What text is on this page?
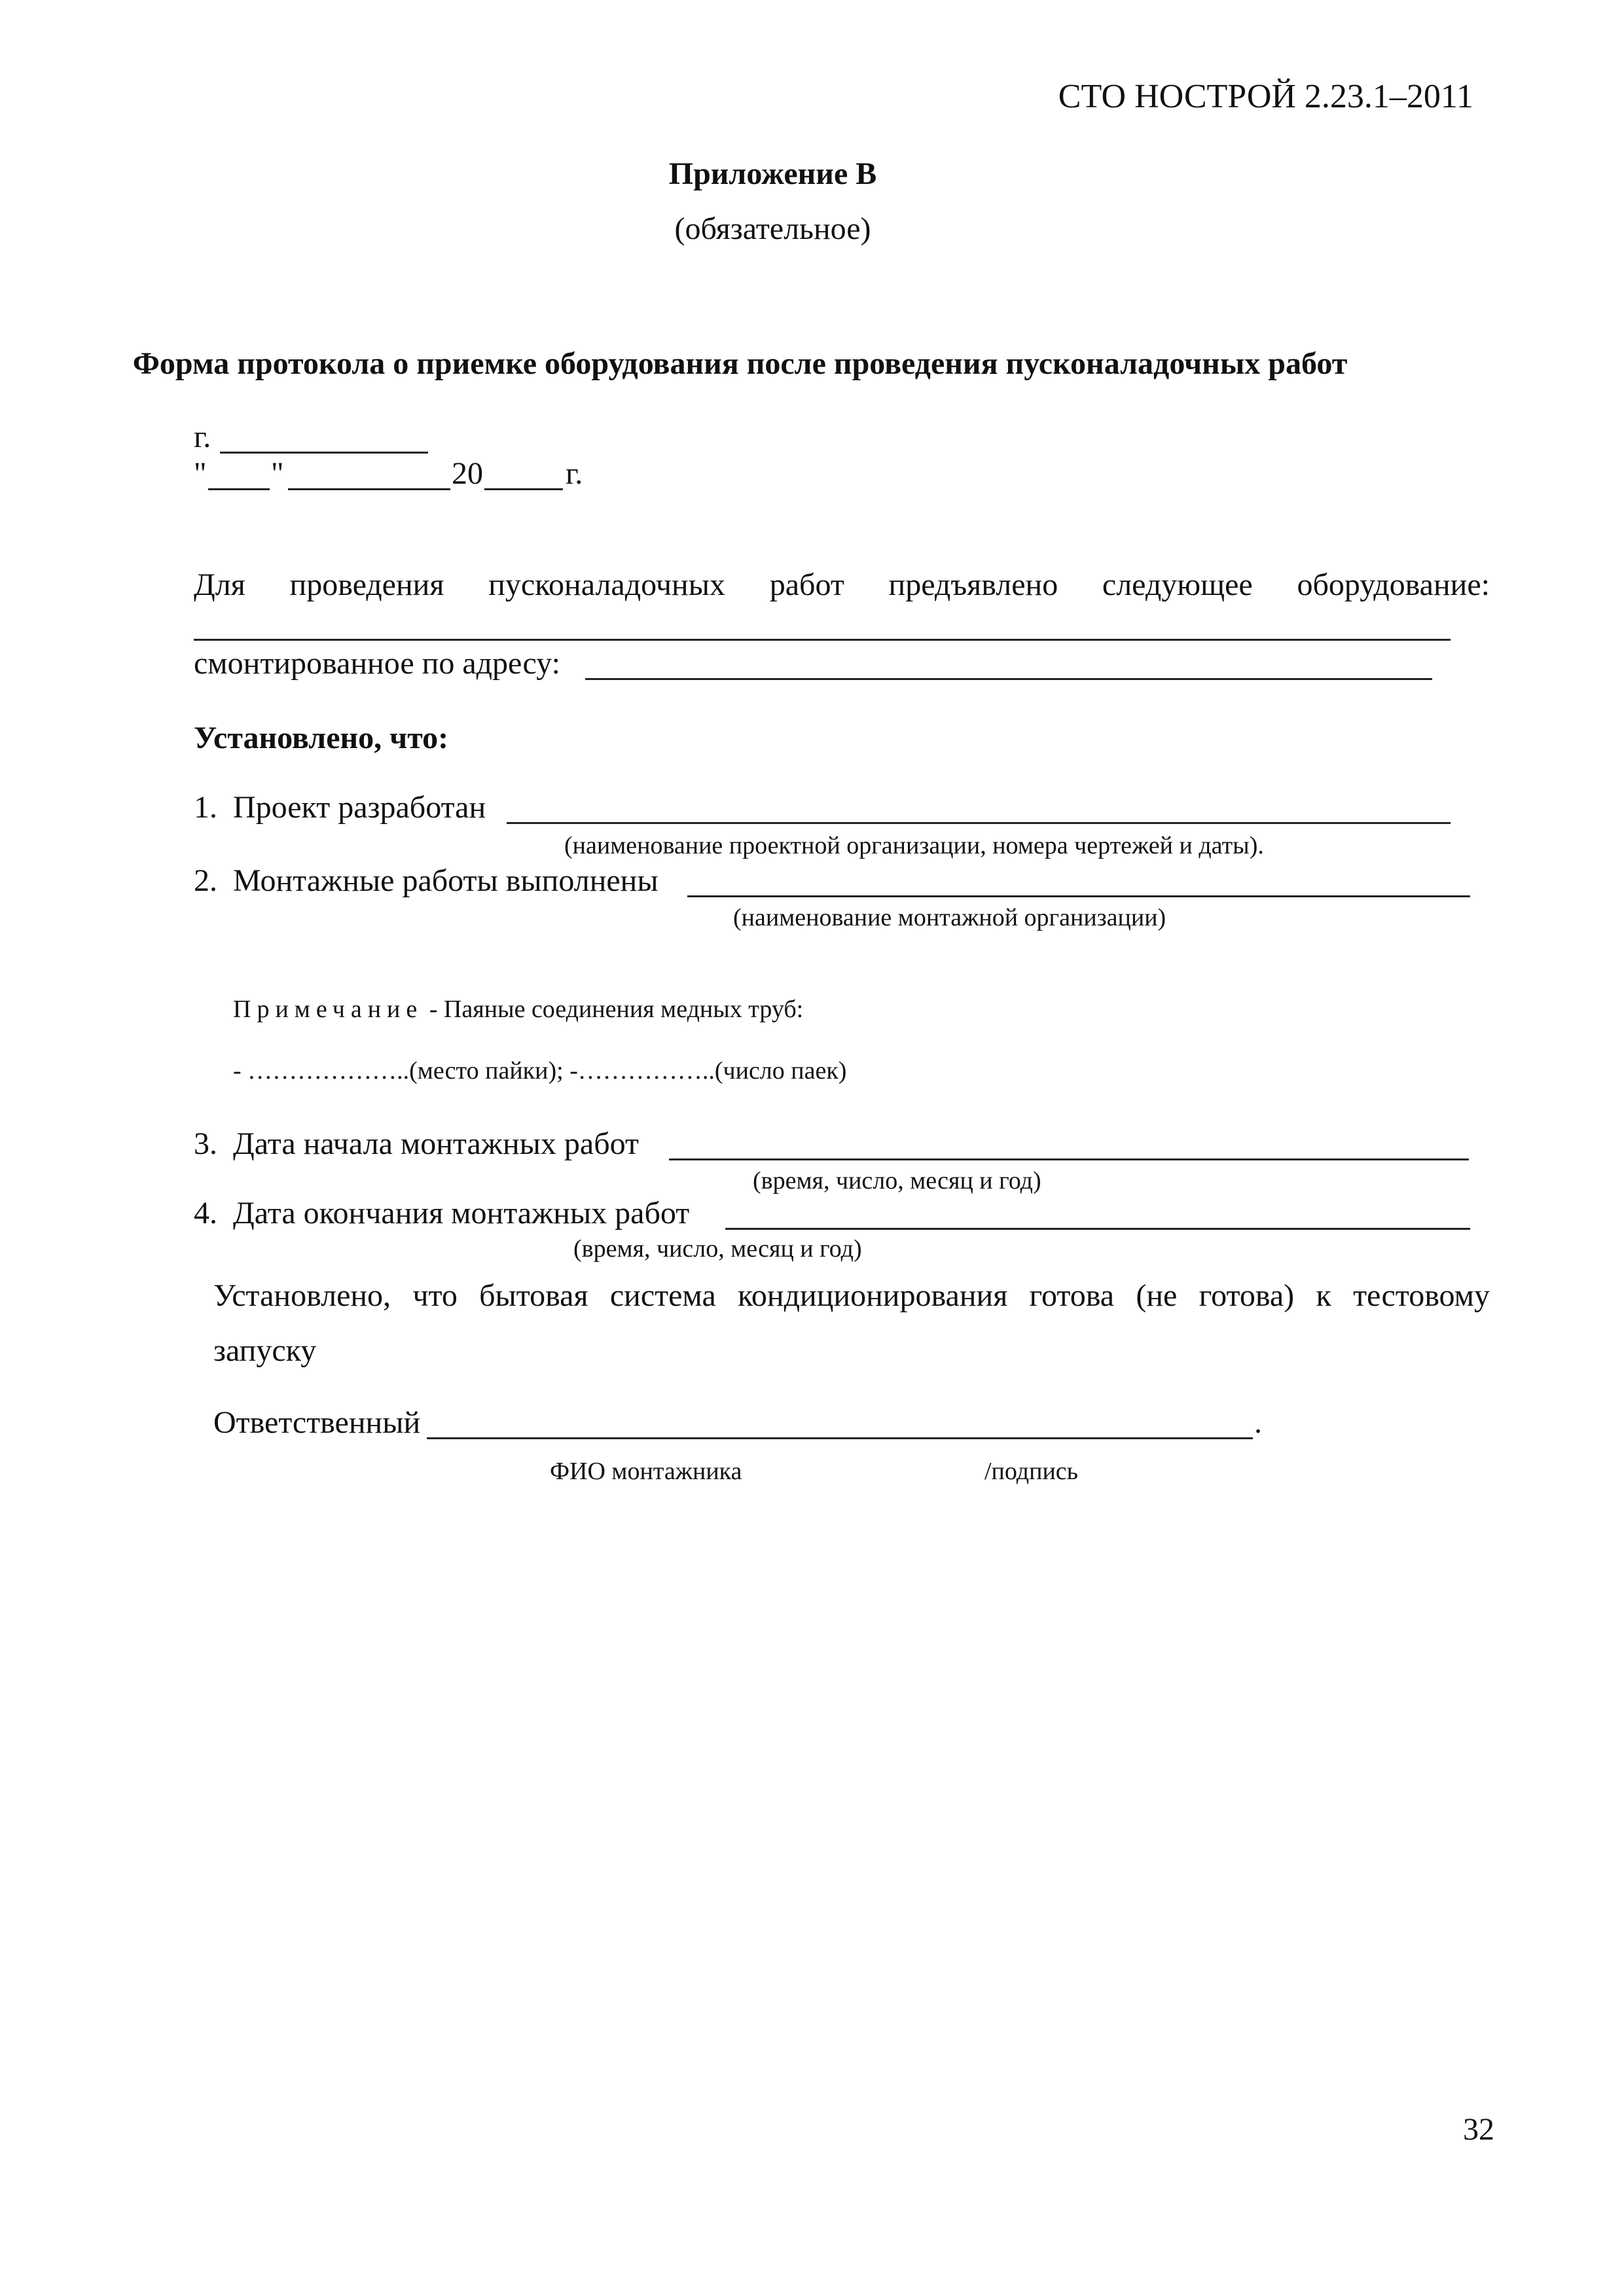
СТО НОСТРОЙ 2.23.1–2011
Приложение В
(обязательное)
Форма протокола о приемке оборудования после проведения пусконаладочных работ
г.
" "	20	г.
Для проведения пусконаладочных работ предъявлено следующее оборудование:
смонтированное по адресу:
Установлено, что:
1. Проект разработан
(наименование проектной организации, номера чертежей и даты).
2. Монтажные работы выполнены
(наименование монтажной организации)
Примечание - Паяные соединения медных труб:
- ………………..(место пайки); -……………..(число паек)
3. Дата начала монтажных работ
(время, число, месяц и год)
4. Дата окончания монтажных работ
(время, число, месяц и год)
Установлено, что бытовая система кондиционирования готова (не готова) к тестовому
запуску
Ответственный	.
ФИО монтажника	/подпись
32
